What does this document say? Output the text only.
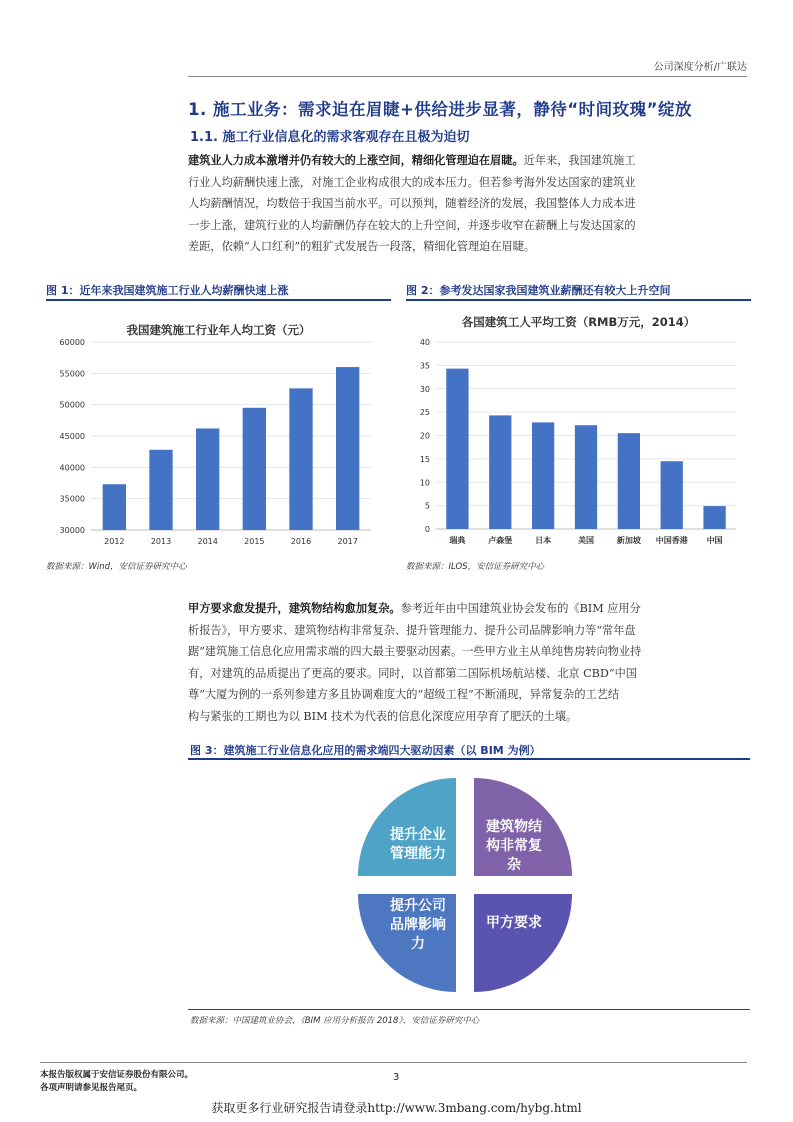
公司深度分析/广联达
1. 施工业务：需求迫在眉睫+供给进步显著，静待“时间玫瑰”绽放
1.1. 施工行业信息化的需求客观存在且极为迫切
建筑业人力成本激增并仍有较大的上涨空间，精细化管理迫在眉睫。近年来，我国建筑施工
行业人均薪酬快速上涨，对施工企业构成很大的成本压力。但若参考海外发达国家的建筑业
人均薪酬情况，均数倍于我国当前水平。可以预判，随着经济的发展，我国整体人力成本进
一步上涨，建筑行业的人均薪酬仍存在较大的上升空间，并逐步收窄在薪酬上与发达国家的
差距，依赖“人口红利”的粗犷式发展告一段落，精细化管理迫在眉睫。
图 1：近年来我国建筑施工行业人均薪酬快速上涨
我国建筑施工行业年人均工资（元）
30000
35000
40000
45000
50000
55000
60000
2012	2013	2014	2015	2016	2017
数据来源：Wind，安信证券研究中心
图 2：参考发达国家我国建筑业薪酬还有较大上升空间
各国建筑工人平均工资（RMB万元，2014）
0
5
10
15
20
25
30
35
40
瑞典	卢森堡	日本	美国	新加坡 中国香港 中国
数据来源：ILOS，安信证券研究中心
甲方要求愈发提升，建筑物结构愈加复杂。参考近年由中国建筑业协会发布的《BIM 应用分
析报告》，甲方要求、建筑物结构非常复杂、提升管理能力、提升公司品牌影响力等“常年盘
踞”建筑施工信息化应用需求端的四大最主要驱动因素。一些甲方业主从单纯售房转向物业持
有，对建筑的品质提出了更高的要求。同时，以首都第二国际机场航站楼、北京 CBD“中国
尊”大厦为例的一系列参建方多且协调难度大的“超级工程”不断涌现，异常复杂的工艺结
构与紧张的工期也为以 BIM 技术为代表的信息化深度应用孕育了肥沃的土壤。
图 3：建筑施工行业信息化应用的需求端四大驱动因素（以 BIM 为例）
提升企业
管理能力
建筑物结
构非常复
杂
提升公司
品牌影响
力
甲方要求
数据来源：中国建筑业协会，《BIM 应用分析报告 2018》，安信证券研究中心
本报告版权属于安信证券股份有限公司。
各项声明请参见报告尾页。
3
获取更多行业研究报告请登录http://www.3mbang.com/hybg.html
